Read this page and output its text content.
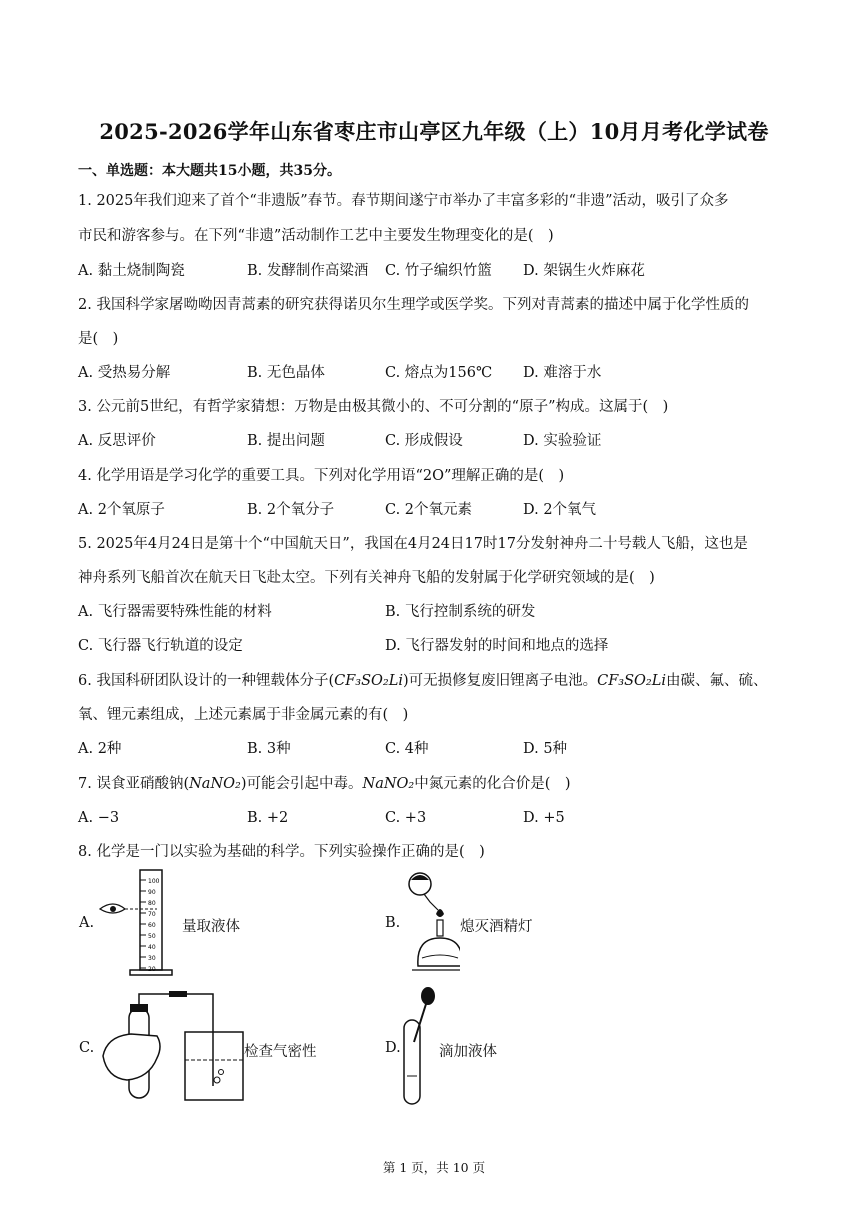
2025-2026学年山东省枣庄市山亭区九年级（上）10月月考化学试卷
一、单选题：本大题共15小题，共35分。
1. 2025年我们迎来了首个“非遗版”春节。春节期间遂宁市举办了丰富多彩的“非遗”活动，吸引了众多
市民和游客参与。在下列“非遗”活动制作工艺中主要发生物理变化的是(　)
A. 黏土烧制陶瓷	B. 发酵制作高粱酒 C. 竹子编织竹篮 D. 架锅生火炸麻花
2. 我国科学家屠呦呦因青蒿素的研究获得诺贝尔生理学或医学奖。下列对青蒿素的描述中属于化学性质的
是(　)
A. 受热易分解	B. 无色晶体	C. 熔点为156℃ D. 难溶于水
3. 公元前5世纪，有哲学家猜想：万物是由极其微小的、不可分割的“原子”构成。这属于(　)
A. 反思评价	B. 提出问题	C. 形成假设	D. 实验验证
4. 化学用语是学习化学的重要工具。下列对化学用语“2O”理解正确的是(　)
A. 2个氧原子	B. 2个氧分子	C. 2个氧元素	D. 2个氧气
5. 2025年4月24日是第十个“中国航天日”，我国在4月24日17时17分发射神舟二十号载人飞船，这也是
神舟系列飞船首次在航天日飞赴太空。下列有关神舟飞船的发射属于化学研究领域的是(　)
A. 飞行器需要特殊性能的材料	B. 飞行控制系统的研发
C. 飞行器飞行轨道的设定	D. 飞行器发射的时间和地点的选择
6. 我国科研团队设计的一种锂载体分子(CF₃SO₂Li)可无损修复废旧锂离子电池。CF₃SO₂Li由碳、氟、硫、
氧、锂元素组成，上述元素属于非金属元素的有(　)
A. 2种	B. 3种	C. 4种	D. 5种
7. 误食亚硝酸钠(NaNO₂)可能会引起中毒。NaNO₂中氮元素的化合价是(　)
A. −3	B. +2	C. +3	D. +5
8. 化学是一门以实验为基础的科学。下列实验操作正确的是(　)
A.
100
90
80
70
60
50
40
30
20
量取液体	B.	熄灭酒精灯
C.	检查气密性	D.	滴加液体
第 1 页，共 10 页
